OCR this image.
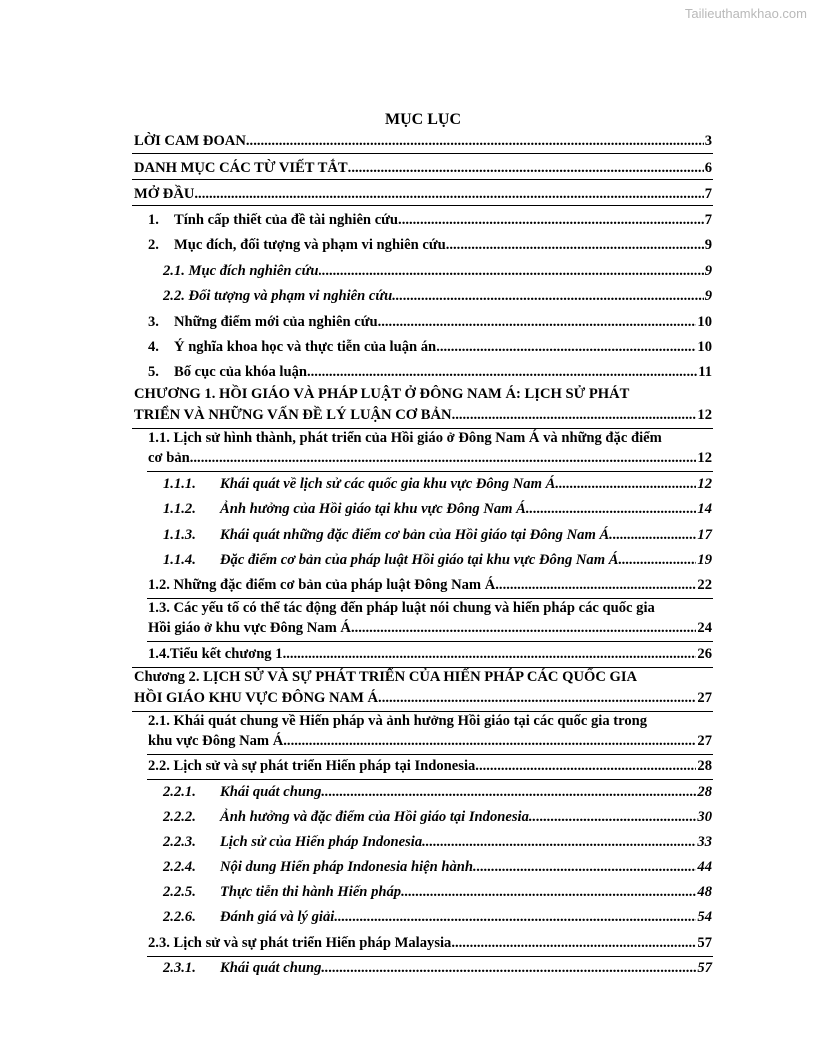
Tailieuthamkhao.com
MỤC LỤC
LỜI CAM ĐOAN .....	3
DANH MỤC CÁC TỪ VIẾT TẮT .....	6
MỞ ĐẦU .....	7
1.	Tính cấp thiết của đề tài nghiên cứu .....	7
2.	Mục đích, đối tượng và phạm vi nghiên cứu .....	9
2.1. Mục đích nghiên cứu .....	9
2.2. Đối tượng và phạm vi nghiên cứu .....	9
3.	Những điểm mới của nghiên cứu .....	10
4.	Ý nghĩa khoa học và thực tiễn của luận án .....	10
5.	Bố cục của khóa luận .....	11
CHƯƠNG 1. HỒI GIÁO VÀ PHÁP LUẬT Ở ĐÔNG NAM Á: LỊCH SỬ PHÁT
TRIỂN VÀ NHỮNG VẤN ĐỀ LÝ LUẬN CƠ BẢN .....	12
1.1. Lịch sử hình thành, phát triển của Hồi giáo ở Đông Nam Á và những đặc điểm
cơ bản .....	12
1.1.1.	Khái quát về lịch sử các quốc gia khu vực Đông Nam Á .....	12
1.1.2.	Ảnh hưởng của Hồi giáo tại khu vực Đông Nam Á .....	14
1.1.3.	Khái quát những đặc điểm cơ bản của Hồi giáo tại Đông Nam Á .....	17
1.1.4.	Đặc điểm cơ bản của pháp luật Hồi giáo tại khu vực Đông Nam Á .....	19
1.2. Những đặc điểm cơ bản của pháp luật Đông Nam Á .....	22
1.3. Các yếu tố có thể tác động đến pháp luật nói chung và hiến pháp các quốc gia
Hồi giáo ở khu vực Đông Nam Á .....	24
1.4.Tiểu kết chương 1 .....	26
Chương 2. LỊCH SỬ VÀ SỰ PHÁT TRIỂN CỦA HIẾN PHÁP CÁC QUỐC GIA
HỒI GIÁO KHU VỰC ĐÔNG NAM Á .....	27
2.1. Khái quát chung về Hiến pháp và ảnh hưởng Hồi giáo tại các quốc gia trong
khu vực Đông Nam Á .....	27
2.2. Lịch sử và sự phát triển Hiến pháp tại Indonesia .....	28
2.2.1.	Khái quát chung .....	28
2.2.2.	Ảnh hưởng và đặc điểm của Hồi giáo tại Indonesia .....	30
2.2.3.	Lịch sử của Hiến pháp Indonesia .....	33
2.2.4.	Nội dung Hiến pháp Indonesia hiện hành .....	44
2.2.5.	Thực tiễn thi hành Hiến pháp .....	48
2.2.6.	Đánh giá và lý giải .....	54
2.3. Lịch sử và sự phát triển Hiến pháp Malaysia .....	57
2.3.1.	Khái quát chung .....	57
